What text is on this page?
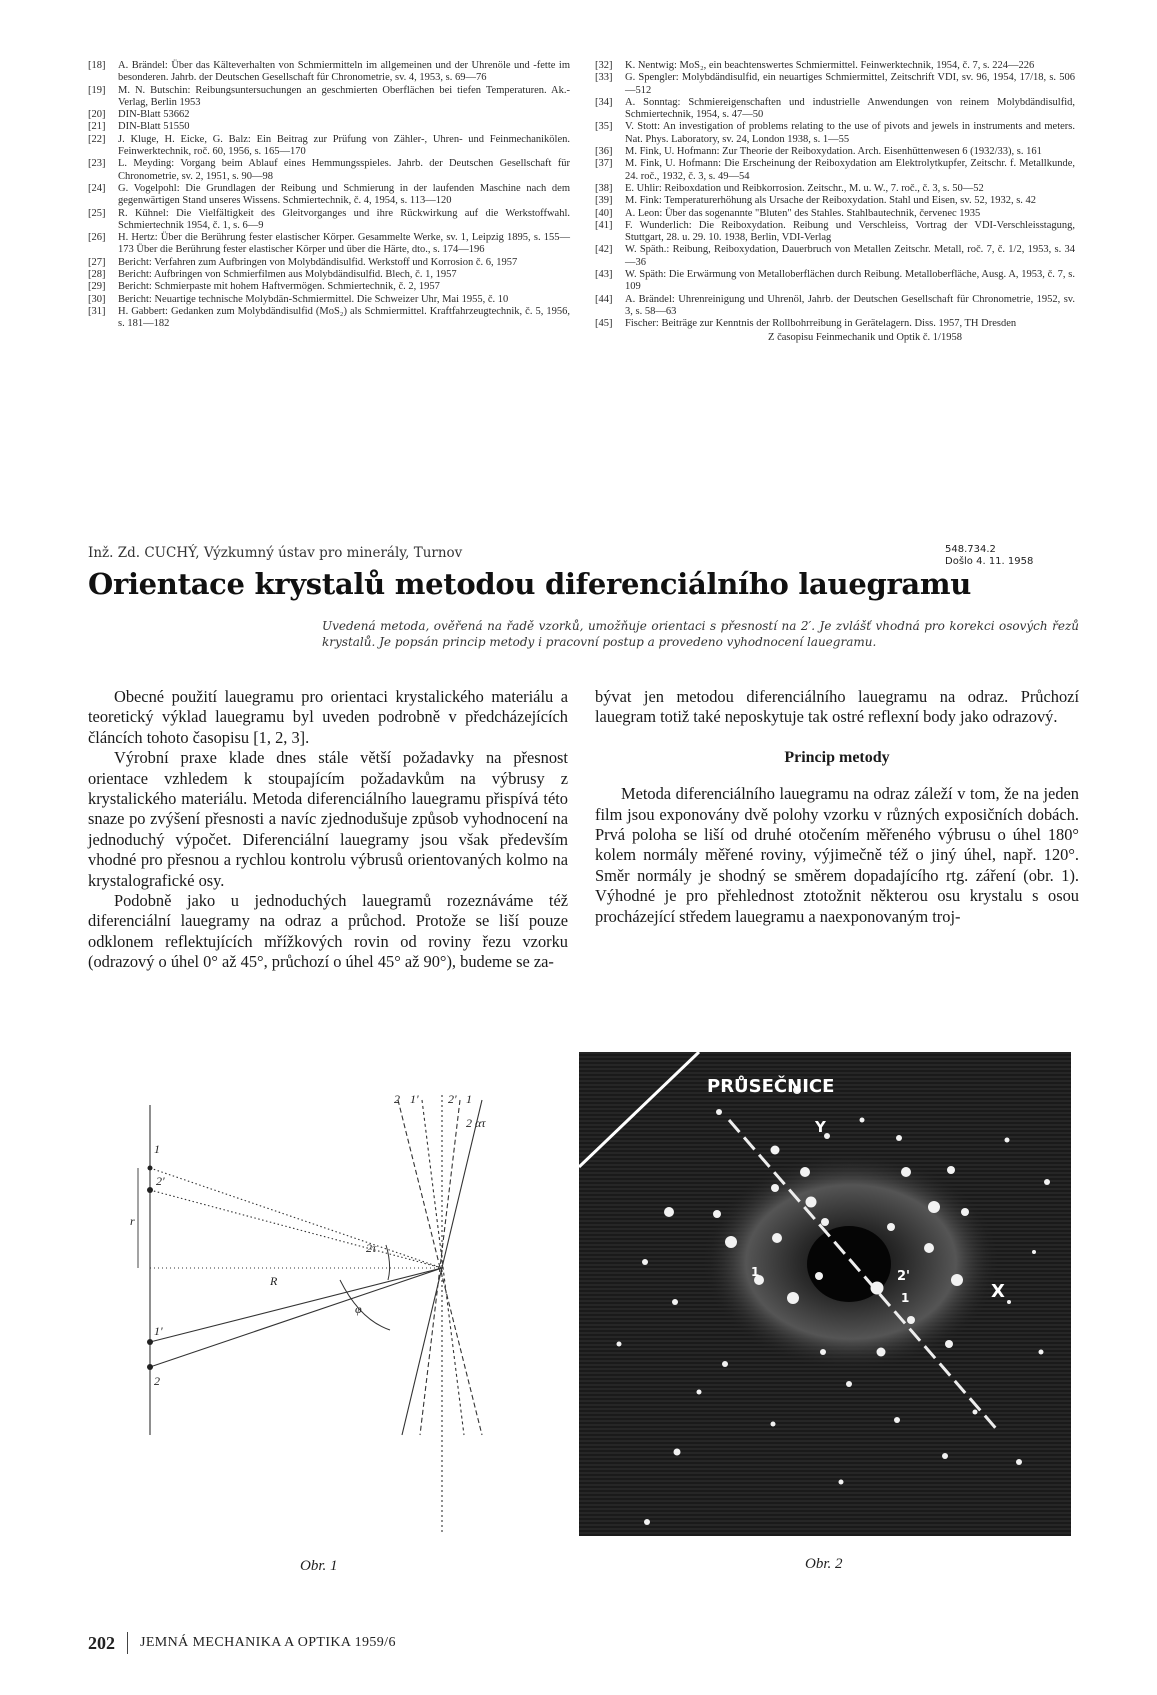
[18] A. Brändel: Über das Kälteverhalten von Schmiermitteln im allgemeinen und der Uhrenöle und -fette im besonderen. Jahrb. der Deutschen Gesellschaft für Chronometrie, sv. 4, 1953, s. 69—76
[19] M. N. Butschin: Reibungsuntersuchungen an geschmierten Oberflächen bei tiefen Temperaturen. Ak.-Verlag, Berlin 1953
[20] DIN-Blatt 53662
[21] DIN-Blatt 51550
[22] J. Kluge, H. Eicke, G. Balz: Ein Beitrag zur Prüfung von Zähler-, Uhren- und Feinmechanikölen. Feinwerktechnik, roč. 60, 1956, s. 165—170
[23] L. Meyding: Vorgang beim Ablauf eines Hemmungsspieles. Jahrb. der Deutschen Gesellschaft für Chronometrie, sv. 2, 1951, s. 90—98
[24] G. Vogelpohl: Die Grundlagen der Reibung und Schmierung in der laufenden Maschine nach dem gegenwärtigen Stand unseres Wissens. Schmiertechnik, č. 4, 1954, s. 113—120
[25] R. Kühnel: Die Vielfältigkeit des Gleitvorganges und ihre Rückwirkung auf die Werkstoffwahl. Schmiertechnik 1954, č. 1, s. 6—9
[26] H. Hertz: Über die Berührung fester elastischer Körper. Gesammelte Werke, sv. 1, Leipzig 1895, s. 155—173 Über die Berührung fester elastischer Körper und über die Härte, dto., s. 174—196
[27] Bericht: Verfahren zum Aufbringen von Molybdändisulfid. Werkstoff und Korrosion č. 6, 1957
[28] Bericht: Aufbringen von Schmierfilmen aus Molybdändisulfid. Blech, č. 1, 1957
[29] Bericht: Schmierpaste mit hohem Haftvermögen. Schmiertechnik, č. 2, 1957
[30] Bericht: Neuartige technische Molybdän-Schmiermittel. Die Schweizer Uhr, Mai 1955, č. 10
[31] H. Gabbert: Gedanken zum Molybdändisulfid (MoS₂) als Schmiermittel. Kraftfahrzeugtechnik, č. 5, 1956, s. 181—182
[32] K. Nentwig: MoS₂, ein beachtenswertes Schmiermittel. Feinwerktechnik, 1954, č. 7, s. 224—226
[33] G. Spengler: Molybdändisulfid, ein neuartiges Schmiermittel, Zeitschrift VDI, sv. 96, 1954, 17/18, s. 506—512
[34] A. Sonntag: Schmiereigenschaften und industrielle Anwendungen von reinem Molybdändisulfid, Schmiertechnik, 1954, s. 47—50
[35] V. Stott: An investigation of problems relating to the use of pivots and jewels in instruments and meters. Nat. Phys. Laboratory, sv. 24, London 1938, s. 1—55
[36] M. Fink, U. Hofmann: Zur Theorie der Reiboxydation. Arch. Eisenhüttenwesen 6 (1932/33), s. 161
[37] M. Fink, U. Hofmann: Die Erscheinung der Reiboxydation am Elektrolytkupfer, Zeitschr. f. Metallkunde, 24. roč., 1932, č. 3, s. 49—54
[38] E. Uhlir: Reiboxdation und Reibkorrosion. Zeitschr., M. u. W., 7. roč., č. 3, s. 50—52
[39] M. Fink: Temperaturerhöhung als Ursache der Reiboxydation. Stahl und Eisen, sv. 52, 1932, s. 42
[40] A. Leon: Über das sogenannte "Bluten" des Stahles. Stahlbautechnik, červenec 1935
[41] F. Wunderlich: Die Reiboxydation. Reibung und Verschleiss, Vortrag der VDI-Verschleisstagung, Stuttgart, 28. u. 29. 10. 1938, Berlin, VDI-Verlag
[42] W. Späth.: Reibung, Reiboxydation, Dauerbruch von Metallen Zeitschr. Metall, roč. 7, č. 1/2, 1953, s. 34—36
[43] W. Späth: Die Erwärmung von Metalloberflächen durch Reibung. Metalloberfläche, Ausg. A, 1953, č. 7, s. 109
[44] A. Brändel: Uhrenreinigung und Uhrenöl, Jahrb. der Deutschen Gesellschaft für Chronometrie, 1952, sv. 3, s. 58—63
[45] Fischer: Beiträge zur Kenntnis der Rollbohrreibung in Gerätelagern. Diss. 1957, TH Dresden
Z časopisu Feinmechanik und Optik č. 1/1958
Inž. Zd. CUCHÝ, Výzkumný ústav pro minerály, Turnov	548.734.2
Došlo 4. 11. 1958
Orientace krystalů metodou diferenciálního lauegramu
Uvedená metoda, ověřená na řadě vzorků, umožňuje orientaci s přesností na 2′. Je zvlášť vhodná pro korekci osových řezů krystalů. Je popsán princip metody i pracovní postup a provedeno vyhodnocení lauegramu.

Obecné použití lauegramu pro orientaci krystalického materiálu a teoretický výklad lauegramu byl uveden podrobně v předcházejících článcích tohoto časopisu [1, 2, 3].

Výrobní praxe klade dnes stále větší požadavky na přesnost orientace vzhledem k stoupajícím požadavkům na výbrusy z krystalického materiálu. Metoda diferenciálního lauegramu přispívá této snaze po zvýšení přesnosti a navíc zjednodušuje způsob vyhodnocení na jednoduchý výpočet. Diferenciální lauegramy jsou však především vhodné pro přesnou a rychlou kontrolu výbrusů orientovaných kolmo na krystalografické osy.

Podobně jako u jednoduchých lauegramů rozeznáváme též diferenciální lauegramy na odraz a průchod. Protože se liší pouze odklonem reflektujících mřížkových rovin od roviny řezu vzorku (odrazový o úhel 0° až 45°, průchozí o úhel 45° až 90°), budeme se za-

bývat jen metodou diferenciálního lauegramu na odraz. Průchozí lauegram totiž také neposkytuje tak ostré reflexní body jako odrazový.

Princip metody

Metoda diferenciálního lauegramu na odraz záleží v tom, že na jeden film jsou exponovány dvě polohy vzorku v různých exposičních dobách. Prvá poloha se liší od druhé otočením měřeného výbrusu o úhel 180° kolem normály měřené roviny, výjimečně též o jiný úhel, např. 120°. Směr normály je shodný se směrem dopadajícího rtg. záření (obr. 1). Výhodné je pro přehlednost ztotožnit některou osu krystalu s osou procházející středem lauegramu a naexponovaným troj-

1
2'
r
2τ
R
φ
1'
2
2 1' 2' 1
2 ατ
Obr. 1
PRŮSEČNICE
Y
X
1	2'
1
Obr. 2
202 JEMNÁ MECHANIKA A OPTIKA 1959/6
